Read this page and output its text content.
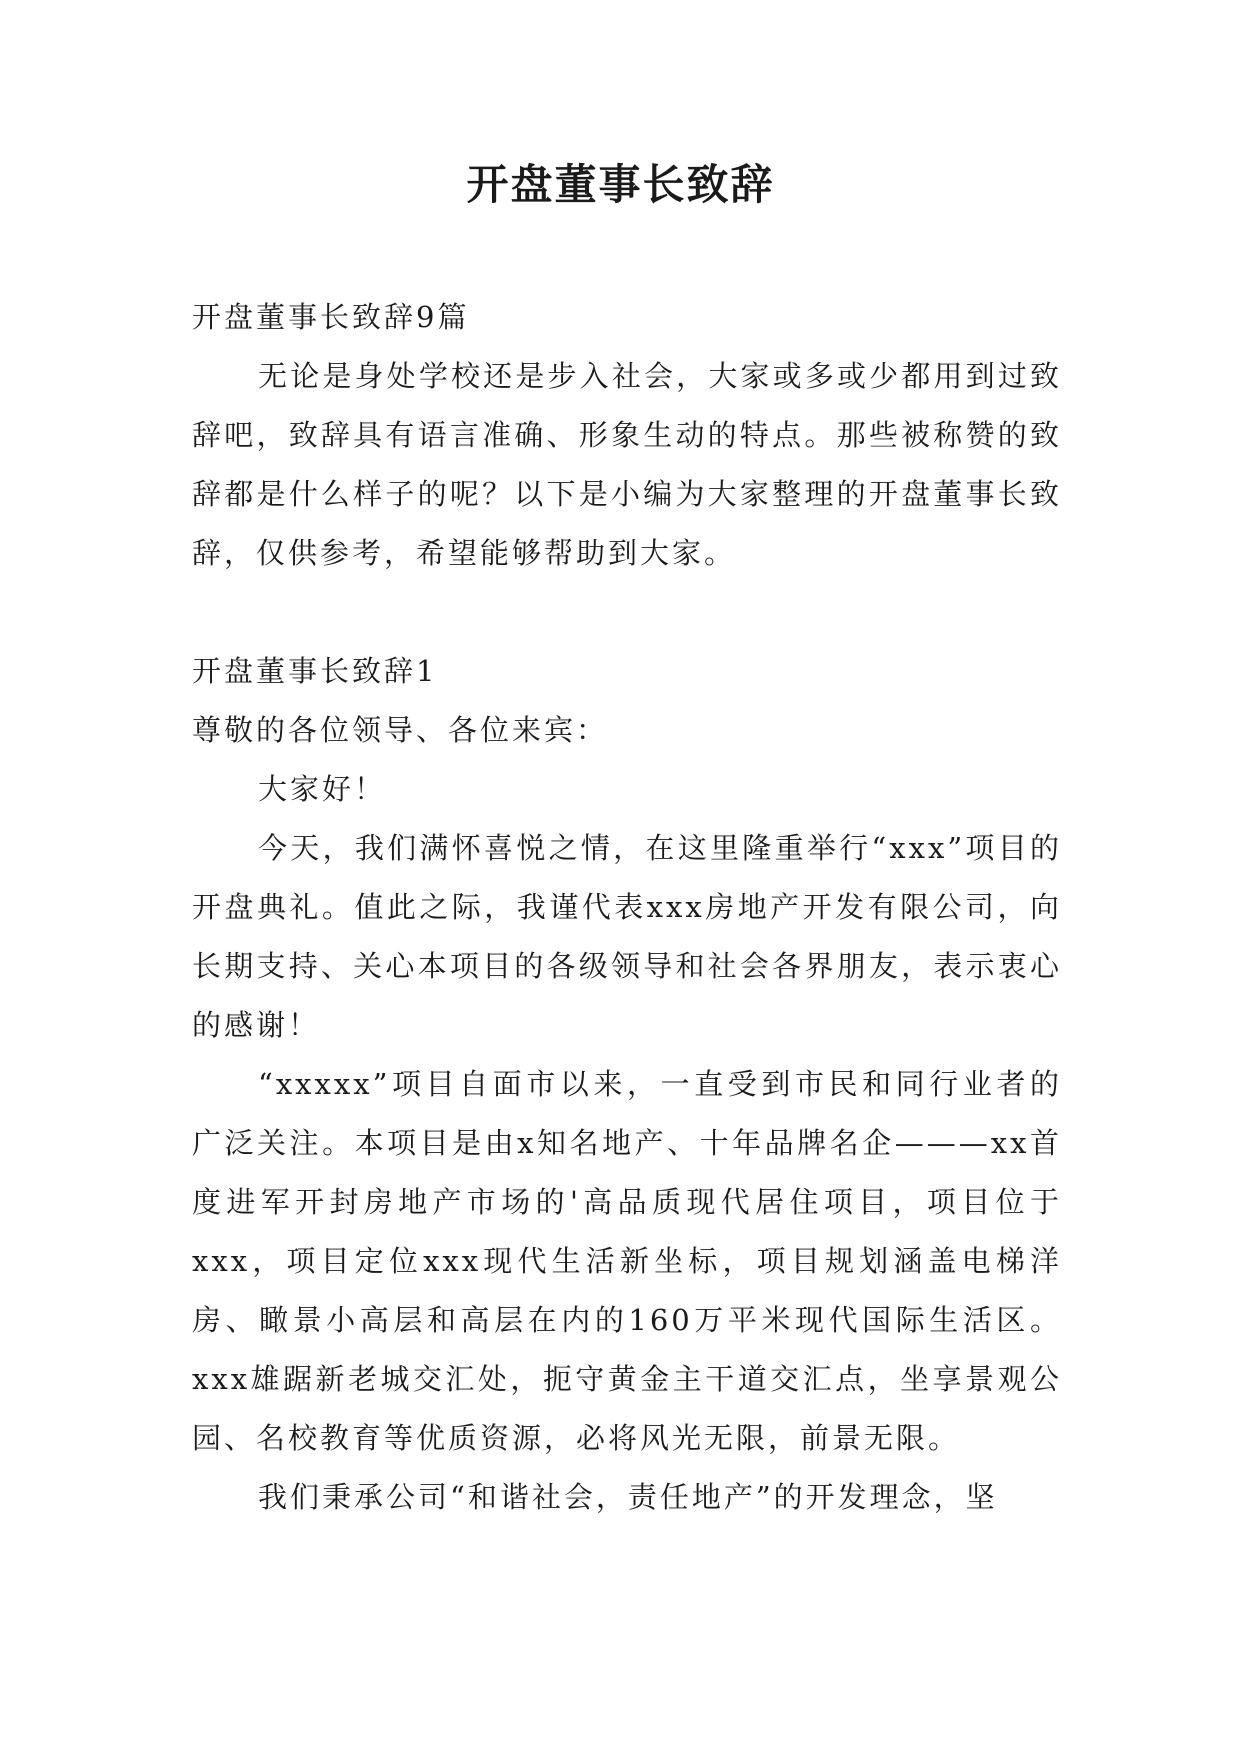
开盘董事长致辞

开盘董事长致辞9篇

无论是身处学校还是步入社会，大家或多或少都用到过致辞吧，致辞具有语言准确、形象生动的特点。那些被称赞的致辞都是什么样子的呢？以下是小编为大家整理的开盘董事长致辞，仅供参考，希望能够帮助到大家。

开盘董事长致辞1

尊敬的各位领导、各位来宾：

大家好！

今天，我们满怀喜悦之情，在这里隆重举行“xxx”项目的开盘典礼。值此之际，我谨代表xxx房地产开发有限公司，向长期支持、关心本项目的各级领导和社会各界朋友，表示衷心的感谢！

“xxxxx”项目自面市以来，一直受到市民和同行业者的广泛关注。本项目是由x知名地产、十年品牌名企———xx首度进军开封房地产市场的'高品质现代居住项目，项目位于xxx，项目定位xxx现代生活新坐标，项目规划涵盖电梯洋房、瞰景小高层和高层在内的160万平米现代国际生活区。xxx雄踞新老城交汇处，扼守黄金主干道交汇点，坐享景观公园、名校教育等优质资源，必将风光无限，前景无限。

我们秉承公司“和谐社会，责任地产”的开发理念，坚
